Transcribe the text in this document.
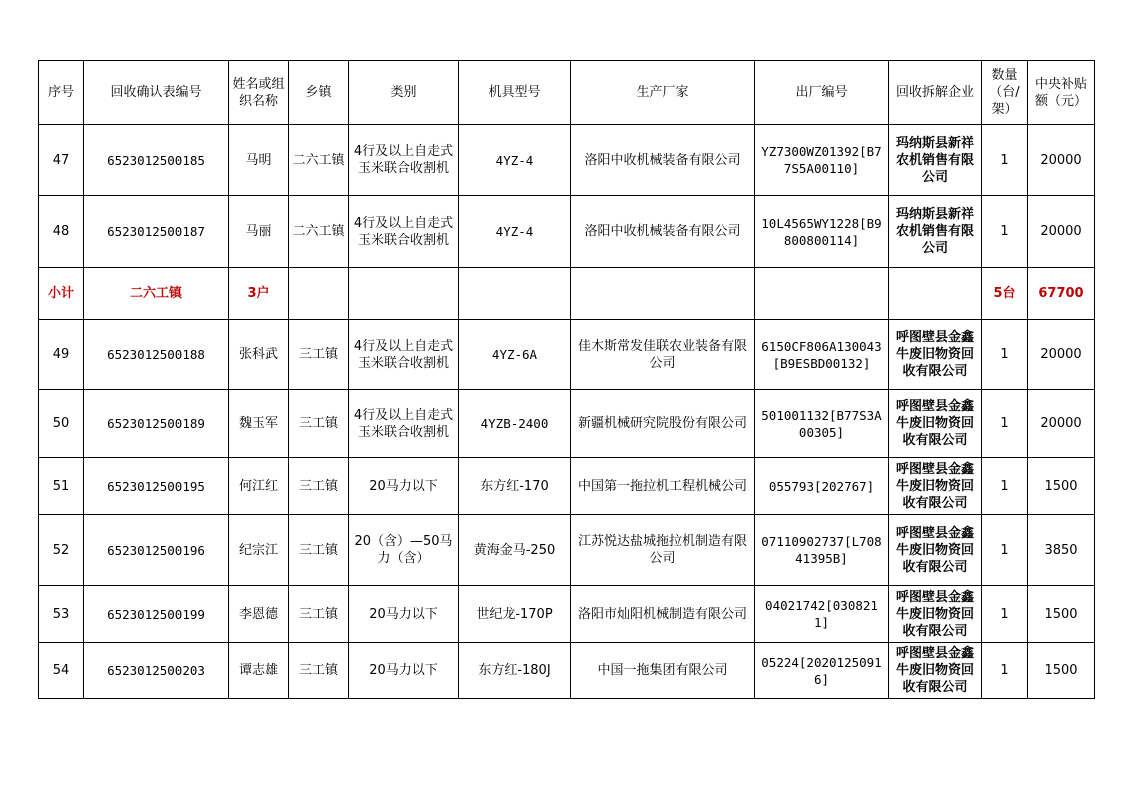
序号	回收确认表编号	姓名或组织名称	乡镇	类别	机具型号	生产厂家	出厂编号	回收拆解企业	数量（台/架）	中央补贴额（元）
47	6523012500185	马明	二六工镇	4行及以上自走式玉米联合收割机	4YZ-4	洛阳中收机械装备有限公司	YZ7300WZ01392[B77S5A00110]	玛纳斯县新祥农机销售有限公司	1	20000
48	6523012500187	马丽	二六工镇	4行及以上自走式玉米联合收割机	4YZ-4	洛阳中收机械装备有限公司	10L4565WY1228[B9800800114]	玛纳斯县新祥农机销售有限公司	1	20000
小计	二六工镇	3户							5台	67700
49	6523012500188	张科武	三工镇	4行及以上自走式玉米联合收割机	4YZ-6A	佳木斯常发佳联农业装备有限公司	6150CF806A130043[B9ESBD00132]	呼图壁县金鑫牛废旧物资回收有限公司	1	20000
50	6523012500189	魏玉军	三工镇	4行及以上自走式玉米联合收割机	4YZB-2400	新疆机械研究院股份有限公司	501001132[B77S3A00305]	呼图壁县金鑫牛废旧物资回收有限公司	1	20000
51	6523012500195	何江红	三工镇	20马力以下	东方红-170	中国第一拖拉机工程机械公司	055793[202767]	呼图壁县金鑫牛废旧物资回收有限公司	1	1500
52	6523012500196	纪宗江	三工镇	20（含）—50马力（含）	黄海金马-250	江苏悦达盐城拖拉机制造有限公司	07110902737[L70841395B]	呼图壁县金鑫牛废旧物资回收有限公司	1	3850
53	6523012500199	李恩德	三工镇	20马力以下	世纪龙-170P	洛阳市灿阳机械制造有限公司	04021742[0308211]	呼图壁县金鑫牛废旧物资回收有限公司	1	1500
54	6523012500203	谭志雄	三工镇	20马力以下	东方红-180J	中国一拖集团有限公司	05224[20201250916]	呼图壁县金鑫牛废旧物资回收有限公司	1	1500
